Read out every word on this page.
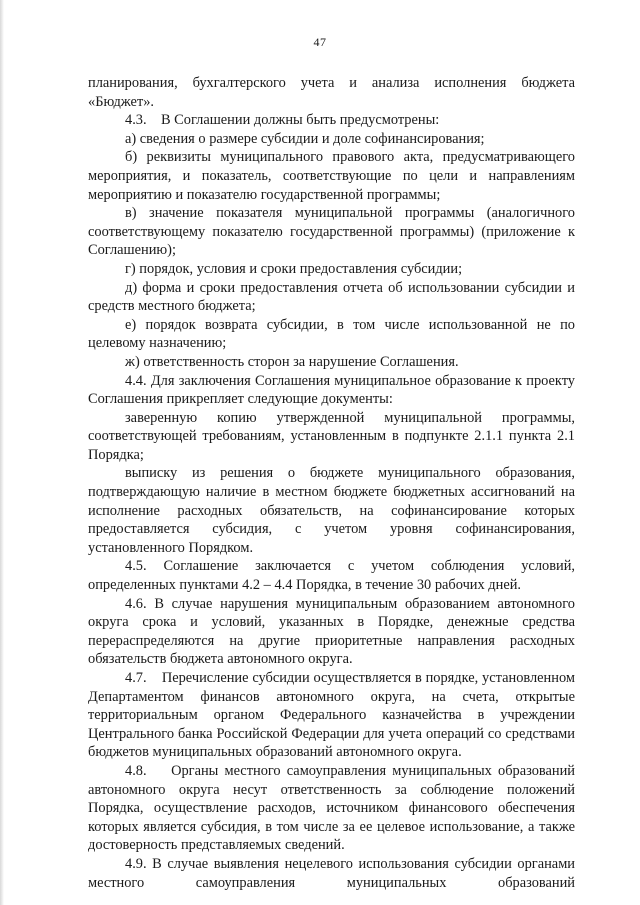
47

планирования, бухгалтерского учета и анализа исполнения бюджета «Бюджет».

4.3.    В Соглашении должны быть предусмотрены:

а) сведения о размере субсидии и доле софинансирования;

б) реквизиты муниципального правового акта, предусматривающего мероприятия, и показатель, соответствующие по цели и направлениям мероприятию и показателю государственной программы;

в) значение показателя муниципальной программы (аналогичного соответствующему показателю государственной программы) (приложение к Соглашению);

г) порядок, условия и сроки предоставления субсидии;

д) форма и сроки предоставления отчета об использовании субсидии и средств местного бюджета;

е) порядок возврата субсидии, в том числе использованной не по целевому назначению;

ж) ответственность сторон за нарушение Соглашения.

4.4. Для заключения Соглашения муниципальное образование к проекту Соглашения прикрепляет следующие документы:

заверенную копию утвержденной муниципальной программы, соответствующей требованиям, установленным в подпункте 2.1.1 пункта 2.1 Порядка;

выписку из решения о бюджете муниципального образования, подтверждающую наличие в местном бюджете бюджетных ассигнований на исполнение расходных обязательств, на софинансирование которых предоставляется субсидия, с учетом уровня софинансирования, установленного Порядком.

4.5. Соглашение заключается с учетом соблюдения условий, определенных пунктами 4.2 – 4.4 Порядка, в течение 30 рабочих дней.

4.6. В случае нарушения муниципальным образованием автономного округа срока и условий, указанных в Порядке, денежные средства перераспределяются на другие приоритетные направления расходных обязательств бюджета автономного округа.

4.7.    Перечисление субсидии осуществляется в порядке, установленном Департаментом финансов автономного округа, на счета, открытые территориальным органом Федерального казначейства в учреждении Центрального банка Российской Федерации для учета операций со средствами бюджетов муниципальных образований автономного округа.

4.8.    Органы местного самоуправления муниципальных образований автономного округа несут ответственность за соблюдение положений Порядка, осуществление расходов, источником финансового обеспечения которых является субсидия, в том числе за ее целевое использование, а также достоверность представляемых сведений.

4.9. В случае выявления нецелевого использования субсидии органами местного самоуправления муниципальных образований
